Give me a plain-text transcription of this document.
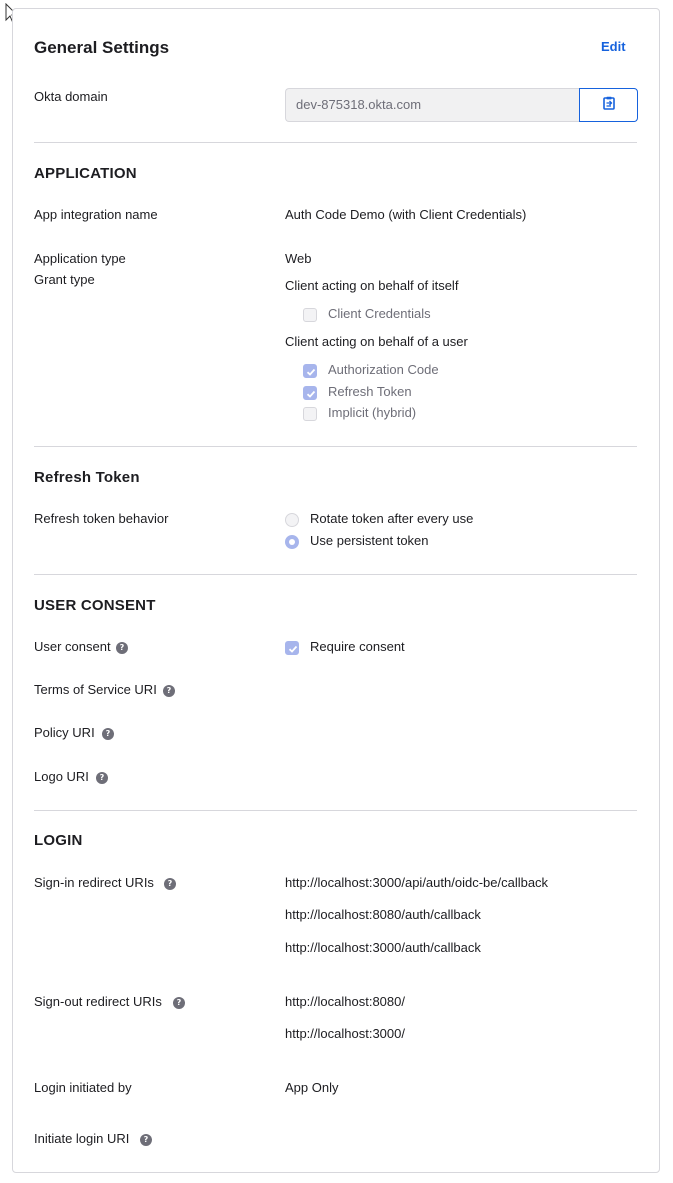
General Settings	Edit
Okta domain
dev-875318.okta.com
APPLICATION
App integration name	Auth Code Demo (with Client Credentials)
Application type	Web
Grant type	Client acting on behalf of itself
Client Credentials
Client acting on behalf of a user
Authorization Code
Refresh Token
Implicit (hybrid)
Refresh Token
Refresh token behavior	Rotate token after every use
Use persistent token
USER CONSENT
User consent	?	Require consent
Terms of Service URI	?
Policy URI	?
Logo URI	?
LOGIN
Sign-in redirect URIs	?	http://localhost:3000/api/auth/oidc-be/callback
http://localhost:8080/auth/callback
http://localhost:3000/auth/callback
Sign-out redirect URIs	?	http://localhost:8080/
http://localhost:3000/
Login initiated by	App Only
Initiate login URI	?
